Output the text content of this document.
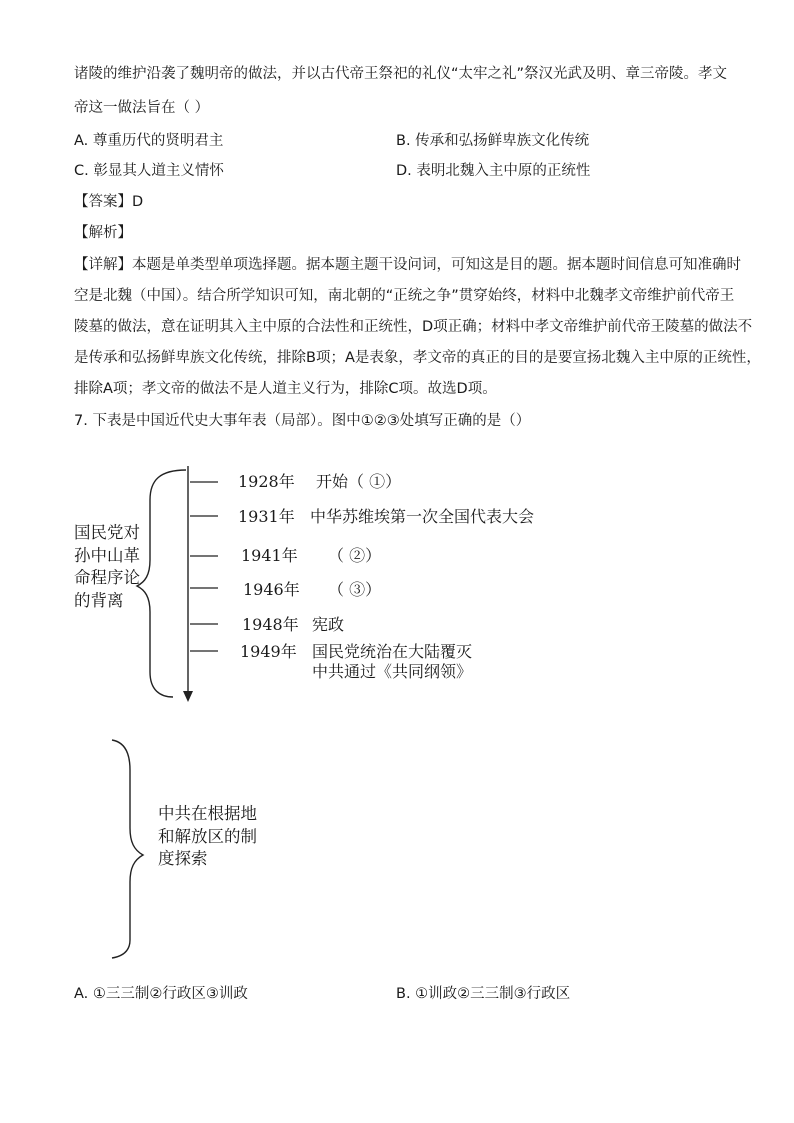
诸陵的维护沿袭了魏明帝的做法，并以古代帝王祭祀的礼仪“太牢之礼”祭汉光武及明、章三帝陵。孝文
帝这一做法旨在（ ）
A. 尊重历代的贤明君主	B. 传承和弘扬鲜卑族文化传统
C. 彰显其人道主义情怀	D. 表明北魏入主中原的正统性
【答案】D
【解析】
【详解】本题是单类型单项选择题。据本题主题干设问词，可知这是目的题。据本题时间信息可知准确时
空是北魏（中国）。结合所学知识可知，南北朝的“正统之争”贯穿始终，材料中北魏孝文帝维护前代帝王
陵墓的做法，意在证明其入主中原的合法性和正统性，D项正确；材料中孝文帝维护前代帝王陵墓的做法不
是传承和弘扬鲜卑族文化传统，排除B项；A是表象，孝文帝的真正的目的是要宣扬北魏入主中原的正统性，
排除A项；孝文帝的做法不是人道主义行为，排除C项。故选D项。
7. 下表是中国近代史大事年表（局部）。图中①②③处填写正确的是（）
国民党对孙中山革命程序论的背离
中共在根据地和解放区的制度探索
1928年 开始（ ①）
1931年 中华苏维埃第一次全国代表大会
1941年 （ ②）
1946年 （ ③）
1948年 宪政
1949年 国民党统治在大陆覆灭
中共通过《共同纲领》
A. ①三三制②行政区③训政	B. ①训政②三三制③行政区
